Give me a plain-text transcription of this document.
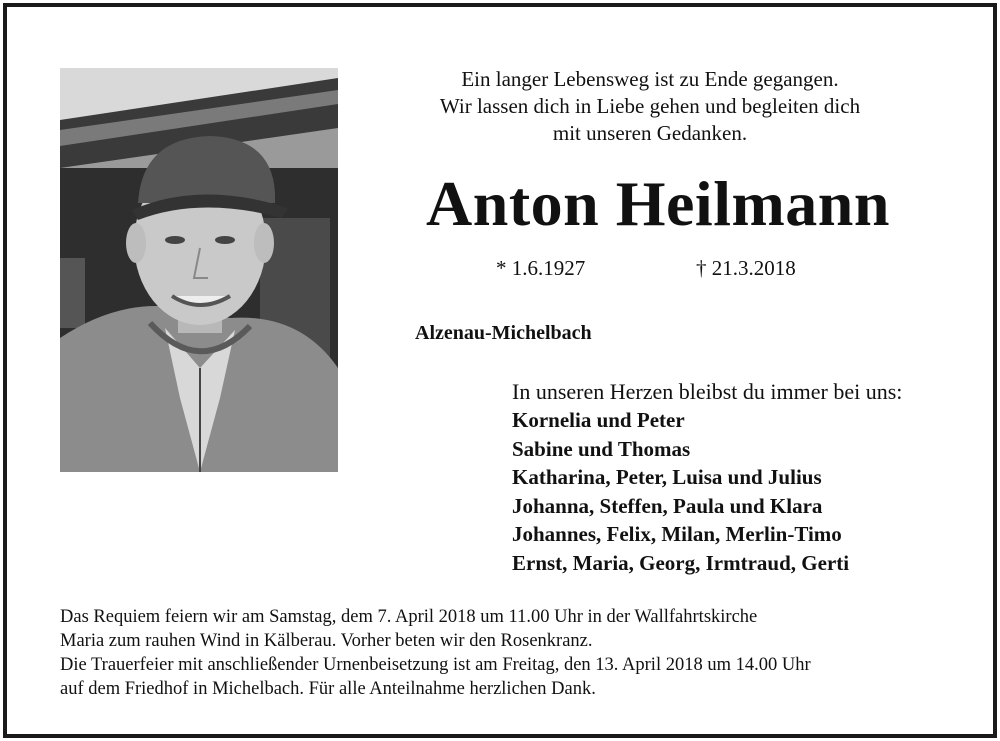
Ein langer Lebensweg ist zu Ende gegangen.
Wir lassen dich in Liebe gehen und begleiten dich
mit unseren Gedanken.
Anton Heilmann
* 1.6.1927	† 21.3.2018
Alzenau-Michelbach
In unseren Herzen bleibst du immer bei uns:
Kornelia und Peter
Sabine und Thomas
Katharina, Peter, Luisa und Julius
Johanna, Steffen, Paula und Klara
Johannes, Felix, Milan, Merlin-Timo
Ernst, Maria, Georg, Irmtraud, Gerti
Das Requiem feiern wir am Samstag, dem 7. April 2018 um 11.00 Uhr in der Wallfahrtskirche
Maria zum rauhen Wind in Kälberau. Vorher beten wir den Rosenkranz.
Die Trauerfeier mit anschließender Urnenbeisetzung ist am Freitag, den 13. April 2018 um 14.00 Uhr
auf dem Friedhof in Michelbach. Für alle Anteilnahme herzlichen Dank.
